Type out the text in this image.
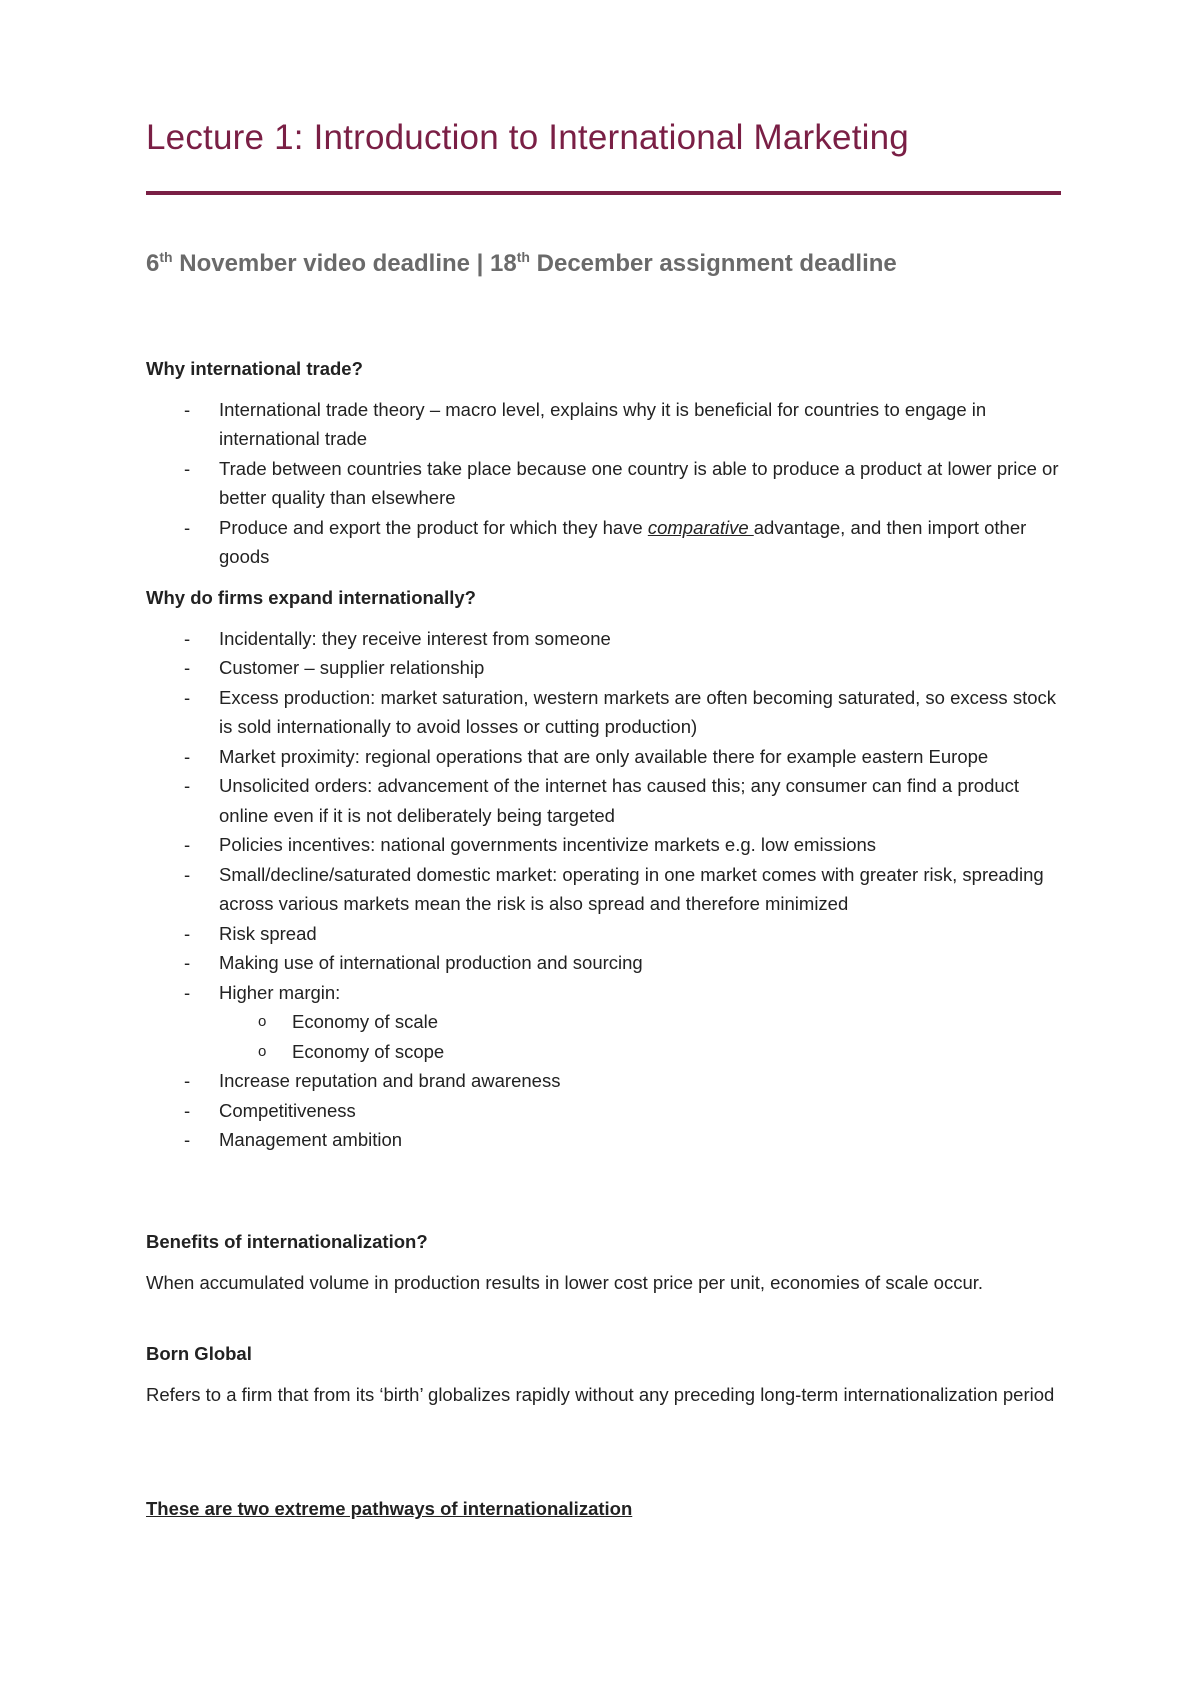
Lecture 1: Introduction to International Marketing
6th November video deadline | 18th December assignment deadline

Why international trade?

- International trade theory – macro level, explains why it is beneficial for countries to engage in international trade
- Trade between countries take place because one country is able to produce a product at lower price or better quality than elsewhere
- Produce and export the product for which they have comparative advantage, and then import other goods

Why do firms expand internationally?

- Incidentally: they receive interest from someone
- Customer – supplier relationship
- Excess production: market saturation, western markets are often becoming saturated, so excess stock is sold internationally to avoid losses or cutting production)
- Market proximity: regional operations that are only available there for example eastern Europe
- Unsolicited orders: advancement of the internet has caused this; any consumer can find a product online even if it is not deliberately being targeted
- Policies incentives: national governments incentivize markets e.g. low emissions
- Small/decline/saturated domestic market: operating in one market comes with greater risk, spreading across various markets mean the risk is also spread and therefore minimized
- Risk spread
- Making use of international production and sourcing
- Higher margin:
o Economy of scale
o Economy of scope
- Increase reputation and brand awareness
- Competitiveness
- Management ambition

Benefits of internationalization?

When accumulated volume in production results in lower cost price per unit, economies of scale occur.

Born Global

Refers to a firm that from its ‘birth’ globalizes rapidly without any preceding long-term internationalization period

These are two extreme pathways of internationalization
